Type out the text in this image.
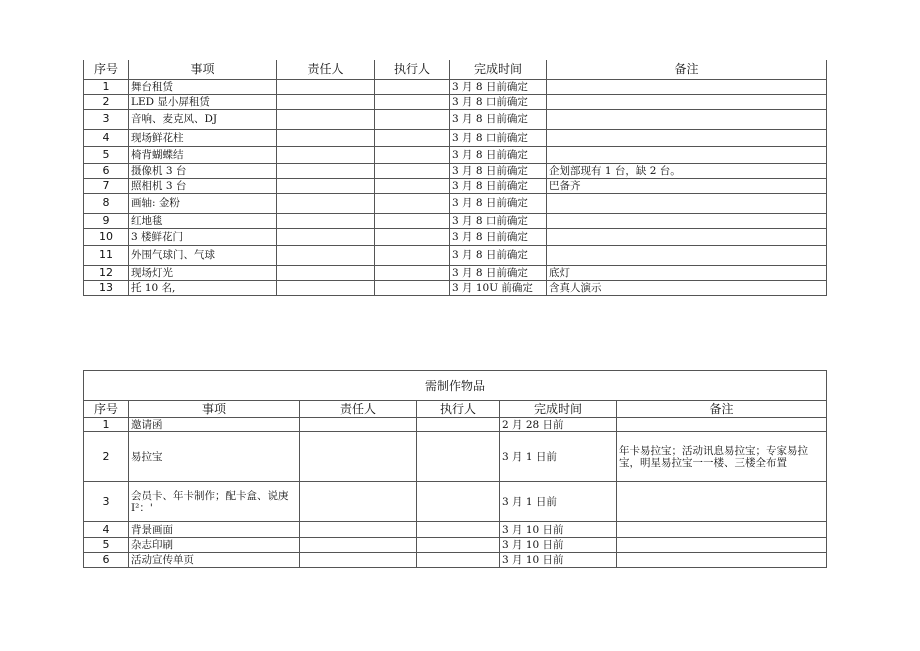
序号	事项	责任人	执行人	完成时间	备注
1	舞台租赁			3 月 8 日前确定	
2	LED 显小屏租赁			3 月 8 口前确定	
3	音响、麦克风、DJ			3 月 8 日前确定	
4	现场鲜花柱			3 月 8 口前确定	
5	椅背蝴蝶结			3 月 8 日前确定	
6	摄像机 3 台			3 月 8 日前确定	企划部现有 1 台，缺 2 台。
7	照相机 3 台			3 月 8 日前确定	巴备齐
8	画轴: 金粉			3 月 8 日前确定	
9	红地毯			3 月 8 口前确定	
10	3 楼鲜花门			3 月 8 日前确定	
11	外围气球门、气球			3 月 8 日前确定	
12	现场灯光			3 月 8 日前确定	底灯
13	托 10 名,			3 月 10U 前确定	含真人演示
需制作物品					
序号	事项	责任人	执行人	完成时间	备注
1	邀请函			2 月 28 日前	
2	易拉宝			3 月 1 日前	年卡易拉宝；活动讯息易拉宝；专家易拉宝，明星易拉宝一一楼、三楼全布置
3	会员卡、年卡制作；配卡盒、说庚 I²：'			3 月 1 日前	
4	背景画面			3 月 10 日前	
5	杂志印刷			3 月 10 日前	
6	活动宣传单页			3 月 10 日前	
